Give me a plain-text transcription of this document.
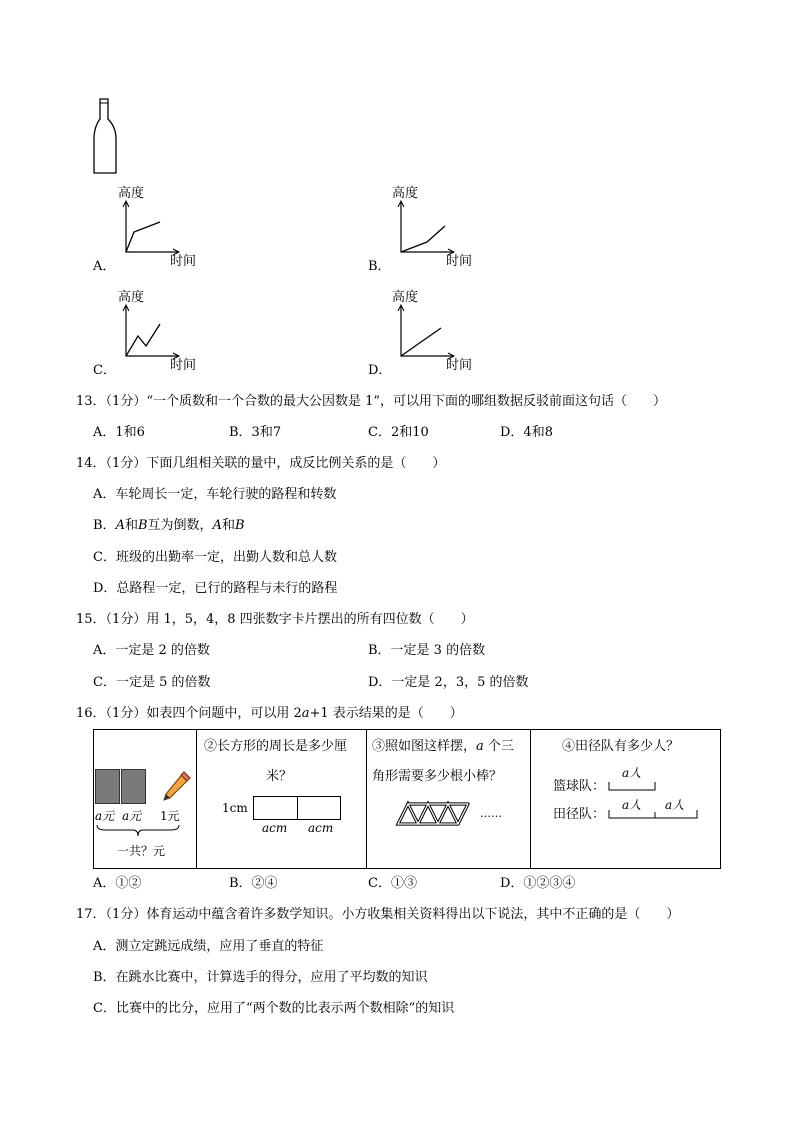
高度
时间
A．
高度
时间
B．
高度
时间
C．
高度
时间
D．
13．（1分）“一个质数和一个合数的最大公因数是 1”，可以用下面的哪组数据反驳前面这句话（　　）
A．1和6	B．3和7	C．2和10	D．4和8
14．（1分）下面几组相关联的量中，成反比例关系的是（　　）
A．车轮周长一定，车轮行驶的路程和转数
B．A和B互为倒数，A和B
C．班级的出勤率一定，出勤人数和总人数
D．总路程一定，已行的路程与未行的路程
15．（1分）用 1，5，4，8 四张数字卡片摆出的所有四位数（　　）
A．一定是 2 的倍数	B．一定是 3 的倍数
C．一定是 5 的倍数	D．一定是 2，3，5 的倍数
16．（1分）如表四个问题中，可以用 2a+1 表示结果的是（　　）
a元 a元 1元
一共？元
②长方形的周长是多少厘
米？
1cm
acm acm
③照如图这样摆，a 个三
角形需要多少根小棒？
……
④田径队有多少人？
a人
篮球队：
a人 a人
田径队：
A．①②	B．②④	C．①③	D．①②③④
17．（1分）体育运动中蕴含着许多数学知识。小方收集相关资料得出以下说法，其中不正确的是（　　）
A．测立定跳远成绩，应用了垂直的特征
B．在跳水比赛中，计算选手的得分，应用了平均数的知识
C．比赛中的比分，应用了“两个数的比表示两个数相除”的知识
